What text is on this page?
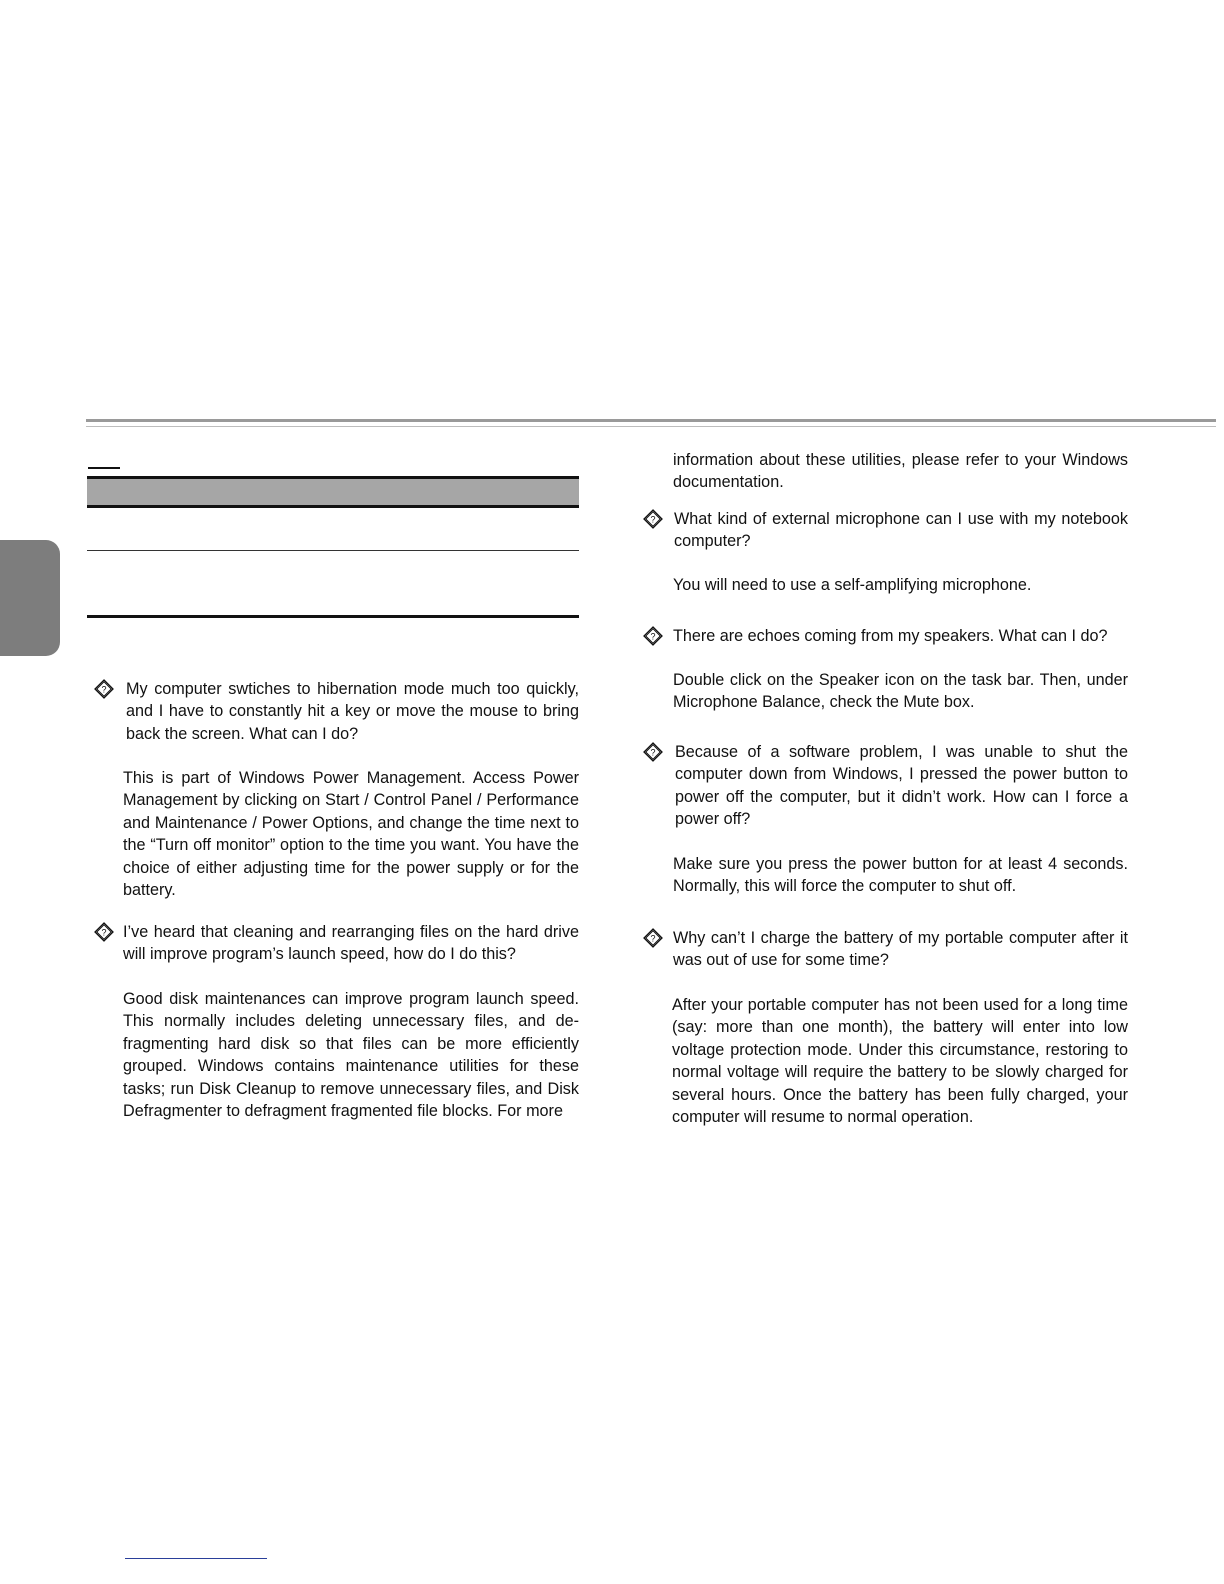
? My computer swtiches to hibernation mode much too quickly, and I have to constantly hit a key or move the mouse to bring back the screen. What can I do?

This is part of Windows Power Management. Access Power Management by clicking on Start / Control Panel / Performance and Maintenance / Power Options, and change the time next to the “Turn off monitor” option to the time you want. You have the choice of either adjusting time for the power supply or for the battery.

? I’ve heard that cleaning and rearranging files on the hard drive will improve program’s launch speed, how do I do this?

Good disk maintenances can improve program launch speed. This normally includes deleting unnecessary files, and de-fragmenting hard disk so that files can be more efficiently grouped. Windows contains maintenance utilities for these tasks; run Disk Cleanup to remove unnecessary files, and Disk Defragmenter to defragment fragmented file blocks. For more

information about these utilities, please refer to your Windows documentation.

? What kind of external microphone can I use with my notebook computer?

You will need to use a self-amplifying microphone.

? There are echoes coming from my speakers. What can I do?

Double click on the Speaker icon on the task bar. Then, under Microphone Balance, check the Mute box.

? Because of a software problem, I was unable to shut the computer down from Windows, I pressed the power button to power off the computer, but it didn’t work. How can I force a power off?

Make sure you press the power button for at least 4 seconds. Normally, this will force the computer to shut off.

? Why can’t I charge the battery of my portable computer after it was out of use for some time?

After your portable computer has not been used for a long time (say: more than one month), the battery will enter into low voltage protection mode. Under this circumstance, restoring to normal voltage will require the battery to be slowly charged for several hours. Once the battery has been fully charged, your computer will resume to normal operation.
